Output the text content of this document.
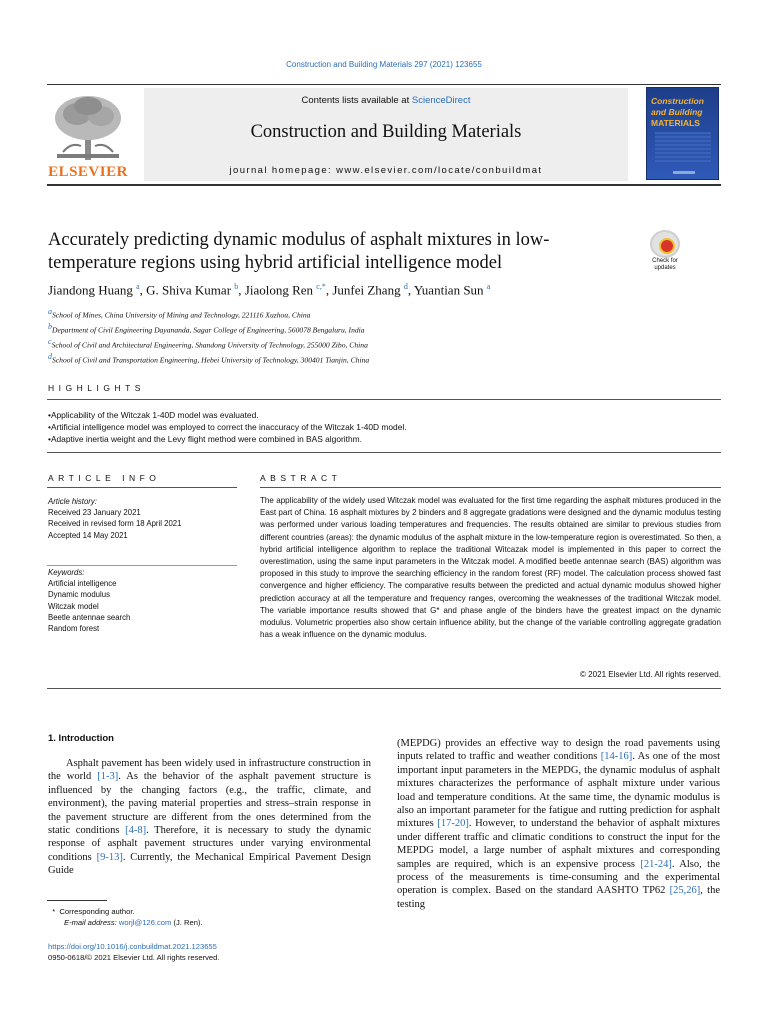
Construction and Building Materials 297 (2021) 123655
ELSEVIER
Contents lists available at ScienceDirect
Construction and Building Materials
journal homepage: www.elsevier.com/locate/conbuildmat
Construction
and Building
MATERIALS
Accurately predicting dynamic modulus of asphalt mixtures in low-temperature regions using hybrid artificial intelligence model	Check for updates
Jiandong Huang $^a$, G. Shiva Kumar $^b$, Jiaolong Ren $^{c,*}$, Junfei Zhang $^d$, Yuantian Sun $^a$
$^a$School of Mines, China University of Mining and Technology, 221116 Xuzhou, China
$^b$Department of Civil Engineering Dayananda, Sagar College of Engineering, 560078 Bengaluru, India
$^c$School of Civil and Architectural Engineering, Shandong University of Technology, 255000 Zibo, China
$^d$School of Civil and Transportation Engineering, Hebei University of Technology, 300401 Tianjin, China
HIGHLIGHTS
•Applicability of the Witczak 1-40D model was evaluated.
•Artificial intelligence model was employed to correct the inaccuracy of the Witczak 1-40D model.
•Adaptive inertia weight and the Levy flight method were combined in BAS algorithm.
ARTICLE INFO	ABSTRACT
Article history:
Received 23 January 2021
Received in revised form 18 April 2021
Accepted 14 May 2021
Keywords:
Artificial intelligence
Dynamic modulus
Witczak model
Beetle antennae search
Random forest
The applicability of the widely used Witczak model was evaluated for the first time regarding the asphalt mixtures produced in the East part of China. 16 asphalt mixtures by 2 binders and 8 aggregate gradations were designed and the dynamic modulus testing was performed under various loading temperatures and frequencies. The results obtained are similar to previous studies from different countries (areas): the dynamic modulus of the asphalt mixture in the low-temperature region is overestimated. So then, a hybrid artificial intelligence algorithm to replace the traditional Witcazak model is implemented in this paper to correct the overestimation, using the same input parameters in the Witczak model. A modified beetle antennae search (BAS) algorithm was proposed in this study to improve the searching efficiency in the random forest (RF) model. The calculation process showed fast convergence and higher efficiency. The comparative results between the predicted and actual dynamic modulus showed higher prediction accuracy at all the temperature and frequency ranges, overcoming the weaknesses of the traditional Witczak model. The variable importance results showed that G* and phase angle of the binders have the greatest impact on the dynamic modulus. Volumetric properties also show certain influence ability, but the change of the variable controlling aggregate gradation has a weak influence on the dynamic modulus.
© 2021 Elsevier Ltd. All rights reserved.
1. Introduction
Asphalt pavement has been widely used in infrastructure construction in the world [1-3]. As the behavior of the asphalt pavement structure is influenced by the changing factors (e.g., the traffic, climate, and environment), the paving material properties and stress–strain response in the pavement structure are different from the ones determined from the static conditions [4-8]. Therefore, it is necessary to study the dynamic response of asphalt pavement structures under varying environmental conditions [9-13]. Currently, the Mechanical Empirical Pavement Design Guide
(MEPDG) provides an effective way to design the road pavements using inputs related to traffic and weather conditions [14-16]. As one of the most important input parameters in the MEPDG, the dynamic modulus of asphalt mixtures characterizes the performance of asphalt mixture under various load and temperature conditions. At the same time, the dynamic modulus is also an important parameter for the fatigue and rutting prediction for asphalt mixtures [17-20]. However, to understand the behavior of asphalt mixtures under different traffic and climatic conditions to construct the input for the MEPDG model, a large number of asphalt mixtures and corresponding samples are required, which is an expensive process [21-24]. Also, the process of the measurements is time-consuming and the experimental operation is complex. Based on the standard AASHTO TP62 [25,26], the testing
*  Corresponding author.
E-mail address: worjl@126.com (J. Ren).
https://doi.org/10.1016/j.conbuildmat.2021.123655
0950-0618/© 2021 Elsevier Ltd. All rights reserved.
